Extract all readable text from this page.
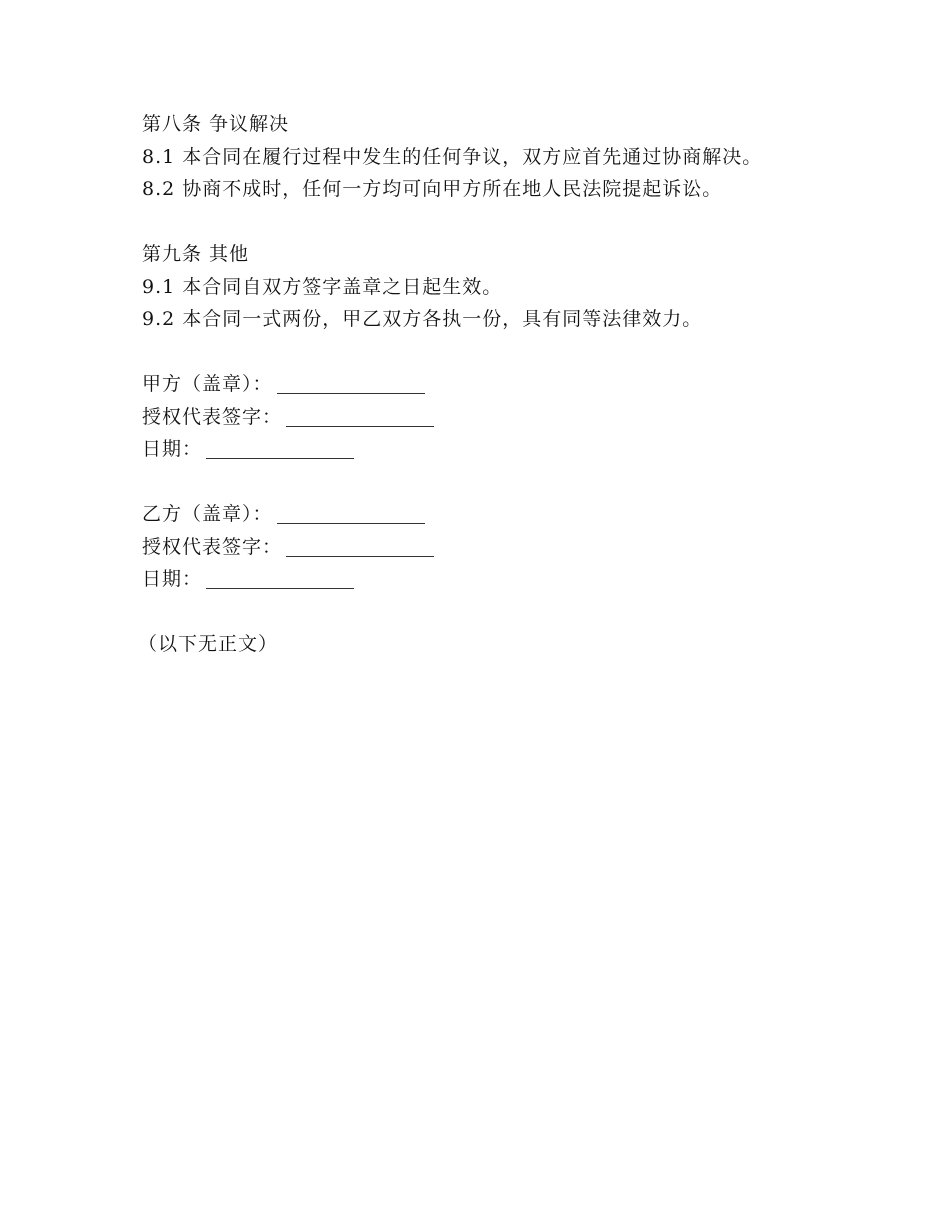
第八条 争议解决
8.1 本合同在履行过程中发生的任何争议，双方应首先通过协商解决。
8.2 协商不成时，任何一方均可向甲方所在地人民法院提起诉讼。
第九条 其他
9.1 本合同自双方签字盖章之日起生效。
9.2 本合同一式两份，甲乙双方各执一份，具有同等法律效力。
甲方（盖章）：
授权代表签字：
日期：
乙方（盖章）：
授权代表签字：
日期：
（以下无正文）
